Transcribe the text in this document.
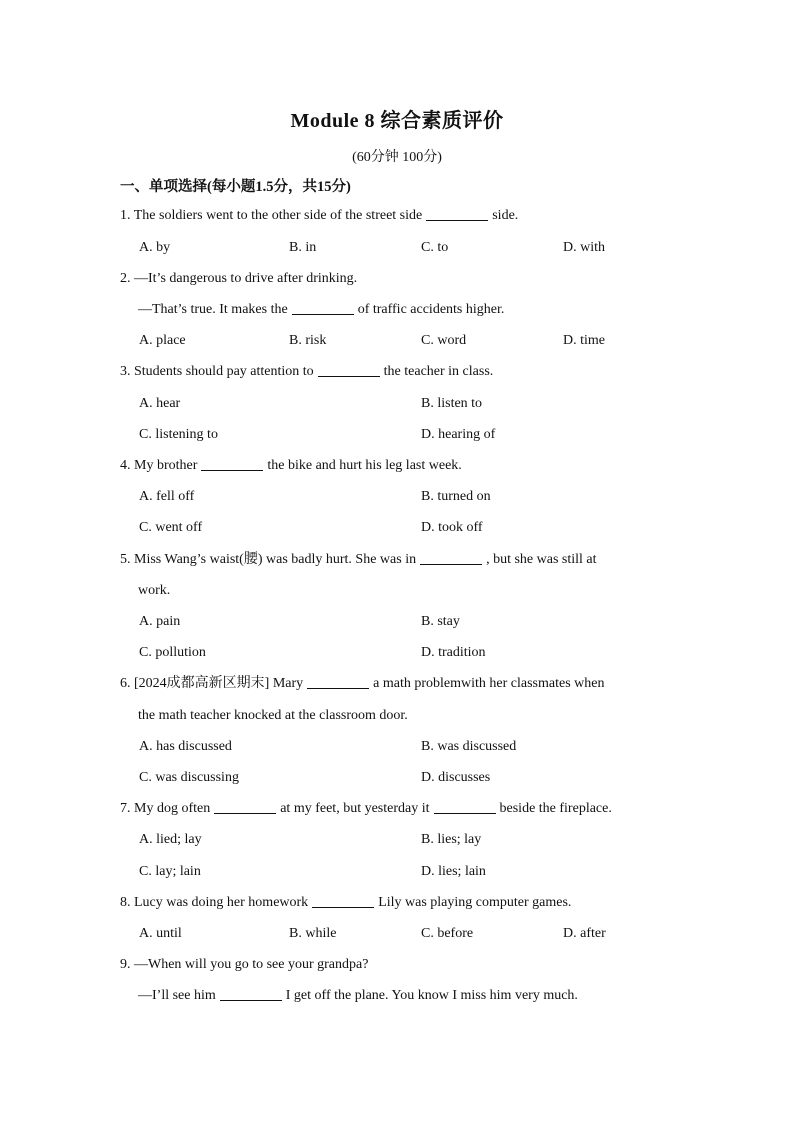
Module 8 综合素质评价
(60分钟 100分)
一、单项选择(每小题1.5分，共15分)
1. The soldiers went to the other side of the street side	side.
A. by	B. in	C. to	D. with
2. —It’s dangerous to drive after drinking.
—That’s true. It makes the	of traffic accidents higher.
A. place	B. risk	C. word	D. time
3. Students should pay attention to	the teacher in class.
A. hear	B. listen to
C. listening to	D. hearing of
4. My brother	the bike and hurt his leg last week.
A. fell off	B. turned on
C. went off	D. took off
5. Miss Wang’s waist(腰) was badly hurt. She was in	, but she was still at
work.
A. pain	B. stay
C. pollution	D. tradition
6. [2024成都高新区期末] Mary	a math problemwith her classmates when
the math teacher knocked at the classroom door.
A. has discussed	B. was discussed
C. was discussing	D. discusses
7. My dog often	at my feet, but yesterday it	beside the fireplace.
A. lied; lay	B. lies; lay
C. lay; lain	D. lies; lain
8. Lucy was doing her homework	Lily was playing computer games.
A. until	B. while	C. before	D. after
9. —When will you go to see your grandpa?
—I’ll see him	I get off the plane. You know I miss him very much.
